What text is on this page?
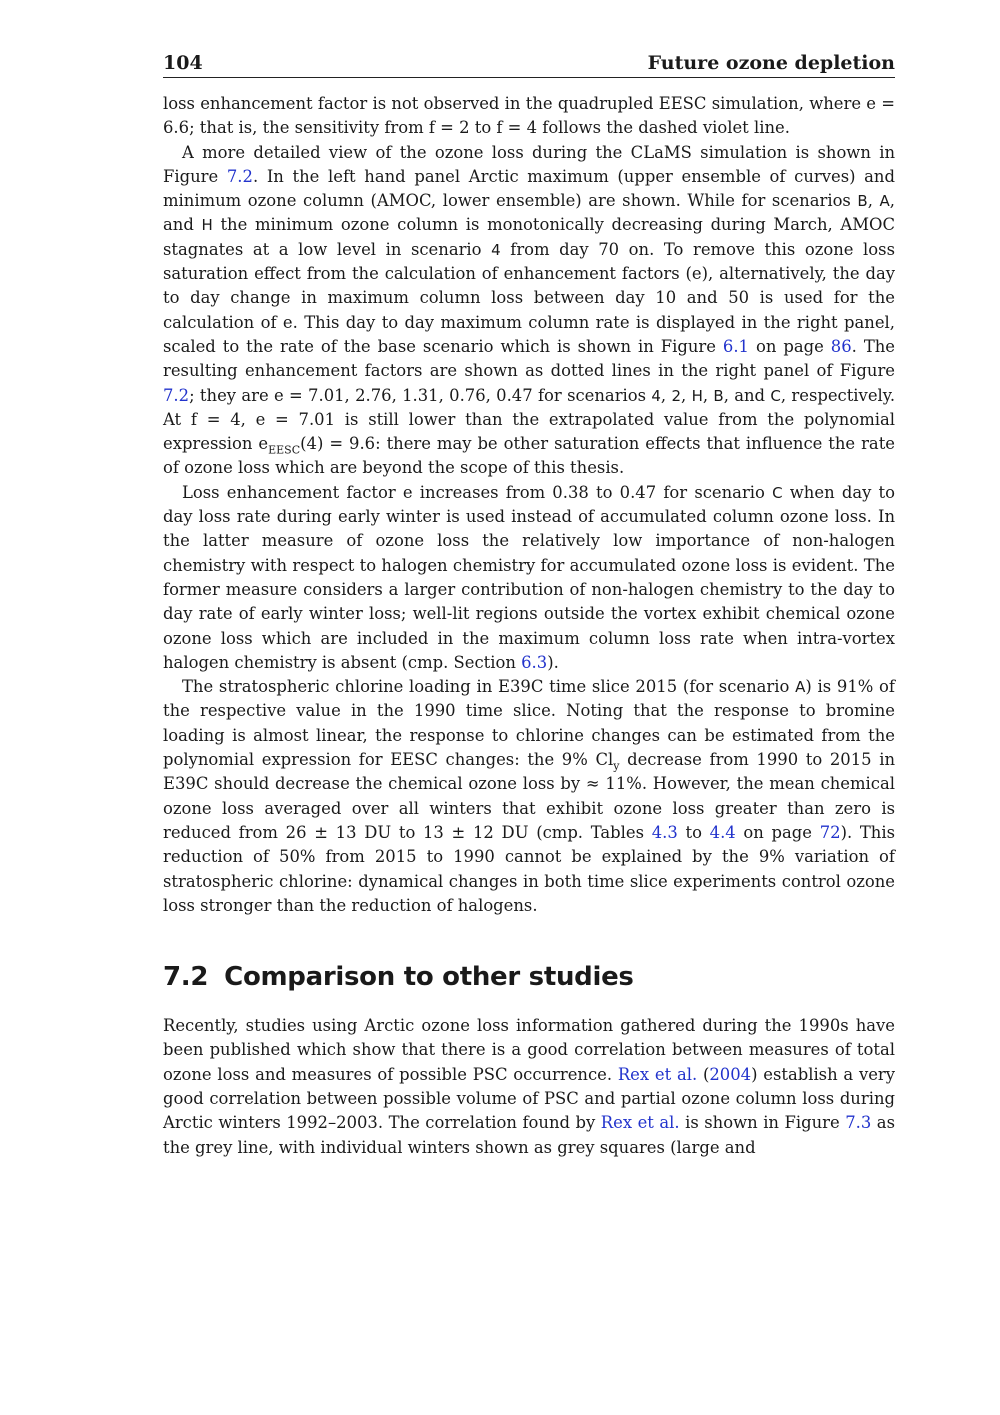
104	Future ozone depletion

loss enhancement factor is not observed in the quadrupled EESC simulation, where e = 6.6; that is, the sensitivity from f = 2 to f = 4 follows the dashed violet line.

A more detailed view of the ozone loss during the CLaMS simulation is shown in Figure 7.2. In the left hand panel Arctic maximum (upper ensemble of curves) and minimum ozone column (AMOC, lower ensemble) are shown. While for scenarios B, A, and H the minimum ozone column is monotonically decreasing during March, AMOC stagnates at a low level in scenario 4 from day 70 on. To remove this ozone loss saturation effect from the calculation of enhancement factors (e), alternatively, the day to day change in maximum column loss between day 10 and 50 is used for the calculation of e. This day to day maximum column rate is displayed in the right panel, scaled to the rate of the base scenario which is shown in Figure 6.1 on page 86. The resulting enhancement factors are shown as dotted lines in the right panel of Figure 7.2; they are e = 7.01, 2.76, 1.31, 0.76, 0.47 for scenarios 4, 2, H, B, and C, respectively. At f = 4, e = 7.01 is still lower than the extrapolated value from the polynomial expression $e_{EESC}(4) = 9.6$: there may be other saturation effects that influence the rate of ozone loss which are beyond the scope of this thesis.

Loss enhancement factor e increases from 0.38 to 0.47 for scenario C when day to day loss rate during early winter is used instead of accumulated column ozone loss. In the latter measure of ozone loss the relatively low importance of non-halogen chemistry with respect to halogen chemistry for accumulated ozone loss is evident. The former measure considers a larger contribution of non-halogen chemistry to the day to day rate of early winter loss; well-lit regions outside the vortex exhibit chemical ozone ozone loss which are included in the maximum column loss rate when intra-vortex halogen chemistry is absent (cmp. Section 6.3).

The stratospheric chlorine loading in E39C time slice 2015 (for scenario A) is 91% of the respective value in the 1990 time slice. Noting that the response to bromine loading is almost linear, the response to chlorine changes can be estimated from the polynomial expression for EESC changes: the 9% $Cl_y$ decrease from 1990 to 2015 in E39C should decrease the chemical ozone loss by ≈ 11%. However, the mean chemical ozone loss averaged over all winters that exhibit ozone loss greater than zero is reduced from 26 ± 13 DU to 13 ± 12 DU (cmp. Tables 4.3 to 4.4 on page 72). This reduction of 50% from 2015 to 1990 cannot be explained by the 9% variation of stratospheric chlorine: dynamical changes in both time slice experiments control ozone loss stronger than the reduction of halogens.

7.2 Comparison to other studies

Recently, studies using Arctic ozone loss information gathered during the 1990s have been published which show that there is a good correlation between measures of total ozone loss and measures of possible PSC occurrence. Rex et al. (2004) establish a very good correlation between possible volume of PSC and partial ozone column loss during Arctic winters 1992–2003. The correlation found by Rex et al. is shown in Figure 7.3 as the grey line, with individual winters shown as grey squares (large and
